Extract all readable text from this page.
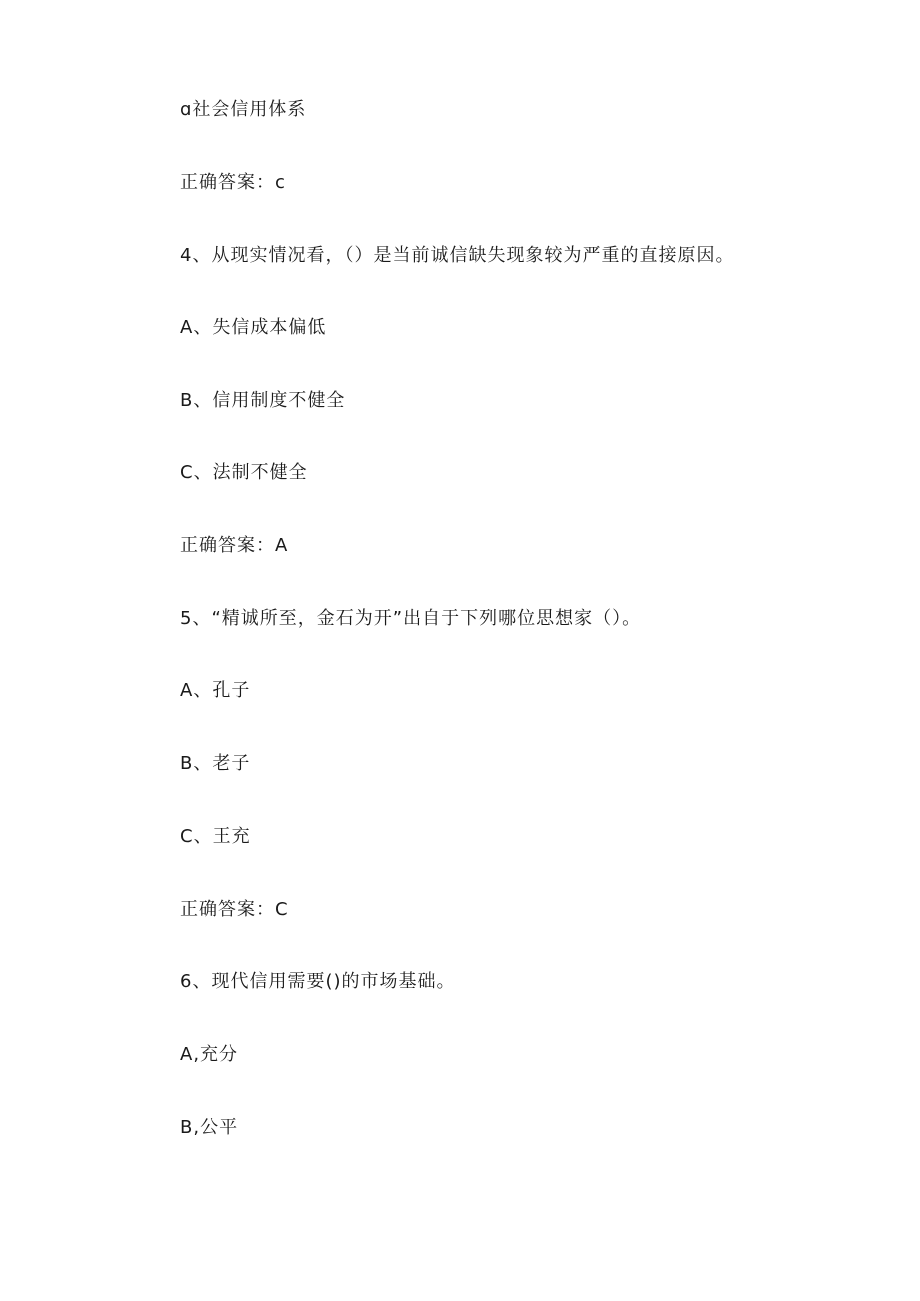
ɑ社会信用体系
正确答案：c
4、从现实情况看，（）是当前诚信缺失现象较为严重的直接原因。
A、失信成本偏低
B、信用制度不健全
C、法制不健全
正确答案：A
5、“精诚所至，金石为开”出自于下列哪位思想家（）。
A、孔子
B、老子
C、王充
正确答案：C
6、现代信用需要()的市场基础。
A,充分
B,公平
